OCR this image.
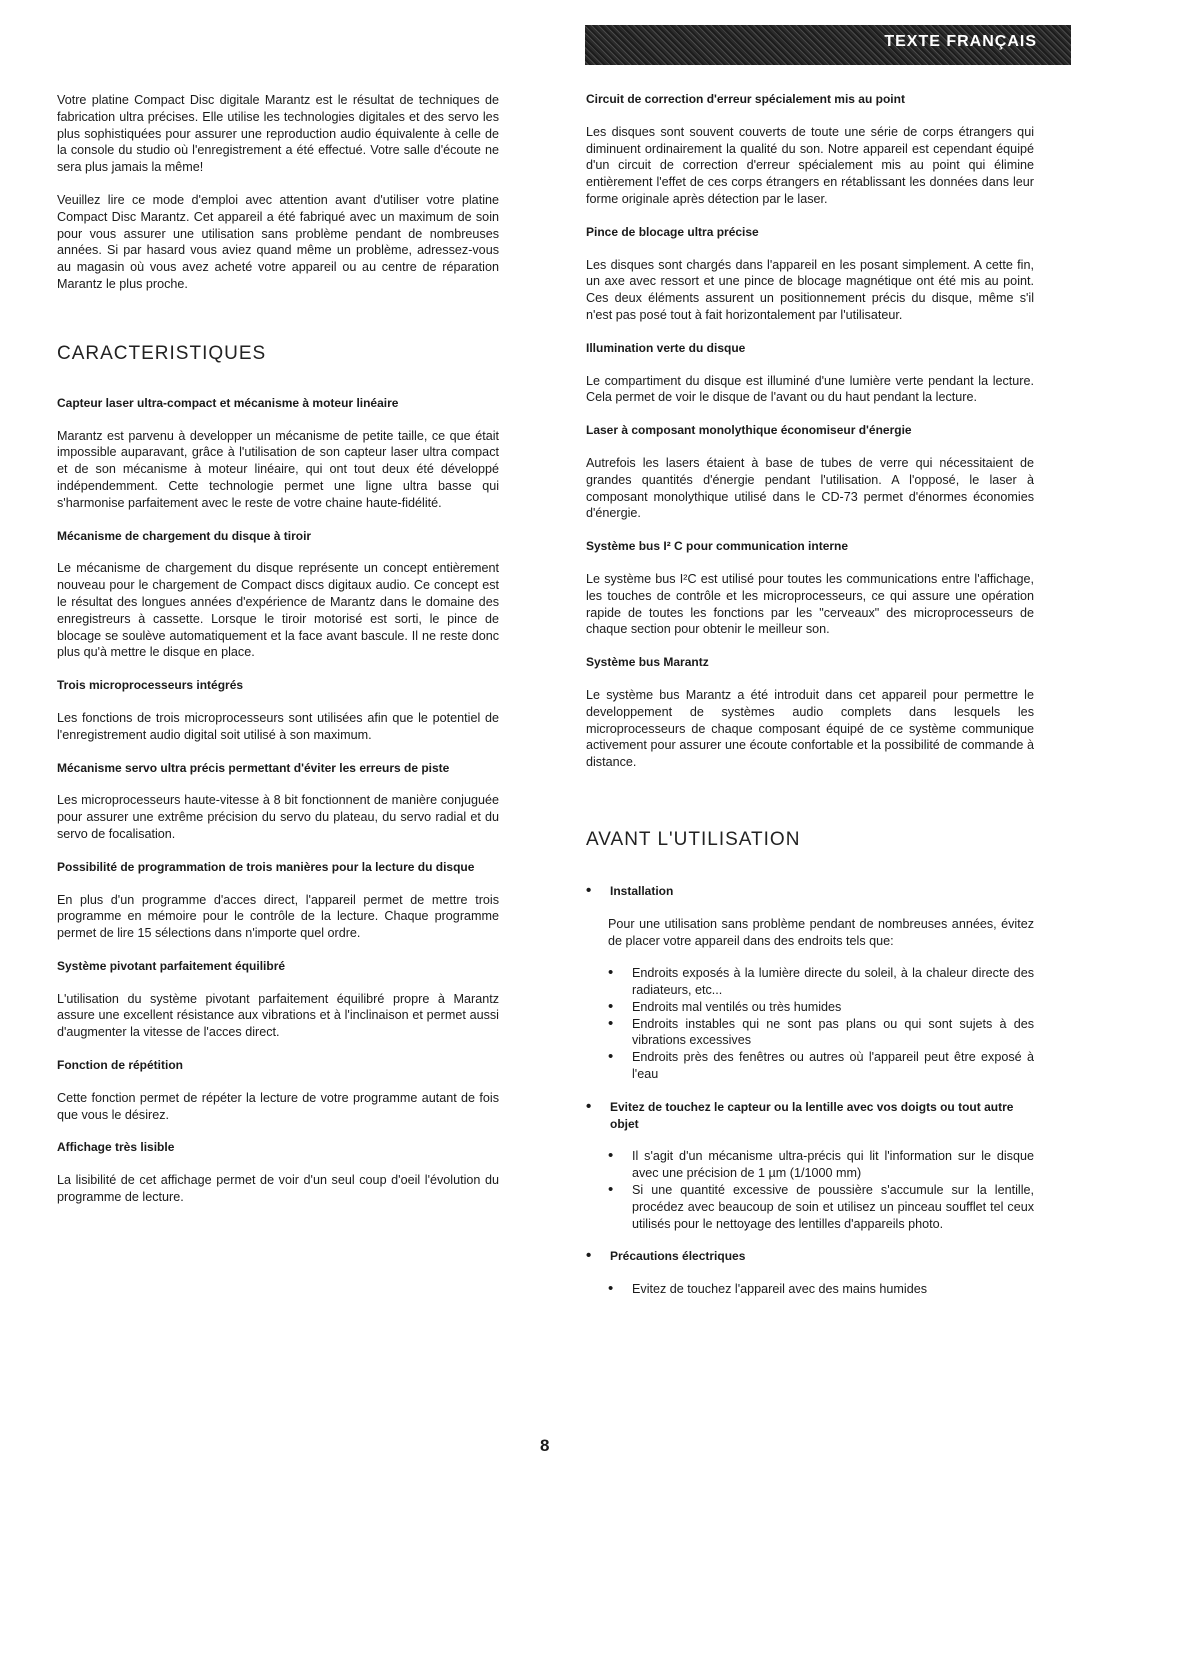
TEXTE FRANÇAIS
Votre platine Compact Disc digitale Marantz est le résultat de techniques de fabrication ultra précises. Elle utilise les technologies digitales et des servo les plus sophistiquées pour assurer une reproduction audio équivalente à celle de la console du studio où l'enregistrement a été effectué. Votre salle d'écoute ne sera plus jamais la même!
Veuillez lire ce mode d'emploi avec attention avant d'utiliser votre platine Compact Disc Marantz. Cet appareil a été fabriqué avec un maximum de soin pour vous assurer une utilisation sans problème pendant de nombreuses années. Si par hasard vous aviez quand même un problème, adressez-vous au magasin où vous avez acheté votre appareil ou au centre de réparation Marantz le plus proche.
CARACTERISTIQUES
Capteur laser ultra-compact et mécanisme à moteur linéaire
Marantz est parvenu à developper un mécanisme de petite taille, ce que était impossible auparavant, grâce à l'utilisation de son capteur laser ultra compact et de son mécanisme à moteur linéaire, qui ont tout deux été développé indépendemment. Cette technologie permet une ligne ultra basse qui s'harmonise parfaitement avec le reste de votre chaine haute-fidélité.
Mécanisme de chargement du disque à tiroir
Le mécanisme de chargement du disque représente un concept entièrement nouveau pour le chargement de Compact discs digitaux audio. Ce concept est le résultat des longues années d'expérience de Marantz dans le domaine des enregistreurs à cassette. Lorsque le tiroir motorisé est sorti, le pince de blocage se soulève automatiquement et la face avant bascule. Il ne reste donc plus qu'à mettre le disque en place.
Trois microprocesseurs intégrés
Les fonctions de trois microprocesseurs sont utilisées afin que le potentiel de l'enregistrement audio digital soit utilisé à son maximum.
Mécanisme servo ultra précis permettant d'éviter les erreurs de piste
Les microprocesseurs haute-vitesse à 8 bit fonctionnent de manière conjuguée pour assurer une extrême précision du servo du plateau, du servo radial et du servo de focalisation.
Possibilité de programmation de trois manières pour la lecture du disque
En plus d'un programme d'acces direct, l'appareil permet de mettre trois programme en mémoire pour le contrôle de la lecture. Chaque programme permet de lire 15 sélections dans n'importe quel ordre.
Système pivotant parfaitement équilibré
L'utilisation du système pivotant parfaitement équilibré propre à Marantz assure une excellent résistance aux vibrations et à l'inclinaison et permet aussi d'augmenter la vitesse de l'acces direct.
Fonction de répétition
Cette fonction permet de répéter la lecture de votre programme autant de fois que vous le désirez.
Affichage très lisible
La lisibilité de cet affichage permet de voir d'un seul coup d'oeil l'évolution du programme de lecture.
Circuit de correction d'erreur spécialement mis au point
Les disques sont souvent couverts de toute une série de corps étrangers qui diminuent ordinairement la qualité du son. Notre appareil est cependant équipé d'un circuit de correction d'erreur spécialement mis au point qui élimine entièrement l'effet de ces corps étrangers en rétablissant les données dans leur forme originale après détection par le laser.
Pince de blocage ultra précise
Les disques sont chargés dans l'appareil en les posant simplement. A cette fin, un axe avec ressort et une pince de blocage magnétique ont été mis au point. Ces deux éléments assurent un positionnement précis du disque, même s'il n'est pas posé tout à fait horizontalement par l'utilisateur.
Illumination verte du disque
Le compartiment du disque est illuminé d'une lumière verte pendant la lecture. Cela permet de voir le disque de l'avant ou du haut pendant la lecture.
Laser à composant monolythique économiseur d'énergie
Autrefois les lasers étaient à base de tubes de verre qui nécessitaient de grandes quantités d'énergie pendant l'utilisation. A l'opposé, le laser à composant monolythique utilisé dans le CD-73 permet d'énormes économies d'énergie.
Système bus I² C pour communication interne
Le système bus I²C est utilisé pour toutes les communications entre l'affichage, les touches de contrôle et les microprocesseurs, ce qui assure une opération rapide de toutes les fonctions par les "cerveaux" des microprocesseurs de chaque section pour obtenir le meilleur son.
Système bus Marantz
Le système bus Marantz a été introduit dans cet appareil pour permettre le developpement de systèmes audio complets dans lesquels les microprocesseurs de chaque composant équipé de ce système communique activement pour assurer une écoute confortable et la possibilité de commande à distance.
AVANT L'UTILISATION
• Installation
Pour une utilisation sans problème pendant de nombreuses années, évitez de placer votre appareil dans des endroits tels que:
• Endroits exposés à la lumière directe du soleil, à la chaleur directe des radiateurs, etc...
• Endroits mal ventilés ou très humides
• Endroits instables qui ne sont pas plans ou qui sont sujets à des vibrations excessives
• Endroits près des fenêtres ou autres où l'appareil peut être exposé à l'eau
• Evitez de touchez le capteur ou la lentille avec vos doigts ou tout autre objet
• Il s'agit d'un mécanisme ultra-précis qui lit l'information sur le disque avec une précision de 1 µm (1/1000 mm)
• Si une quantité excessive de poussière s'accumule sur la lentille, procédez avec beaucoup de soin et utilisez un pinceau soufflet tel ceux utilisés pour le nettoyage des lentilles d'appareils photo.
• Précautions électriques
• Evitez de touchez l'appareil avec des mains humides
8
